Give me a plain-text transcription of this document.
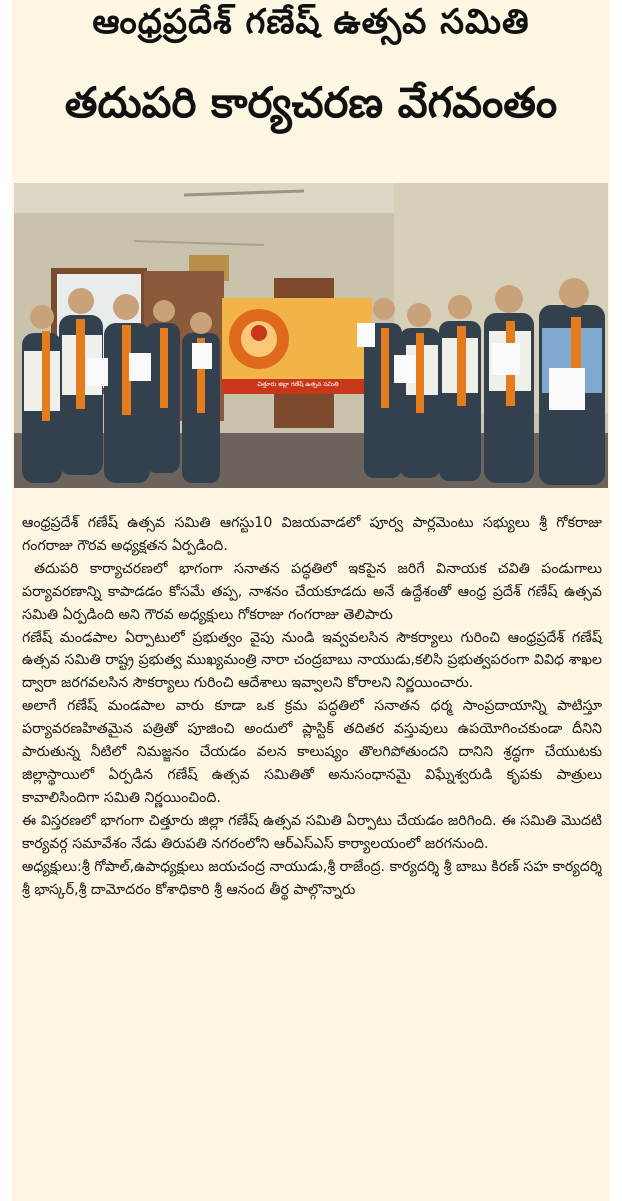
ఆంధ్రప్రదేశ్ గణేష్ ఉత్సవ సమితి
తదుపరి కార్యచరణ వేగవంతం
చిత్తూరు జిల్లా గణేష్ ఉత్సవ సమితి

ఆంధ్రప్రదేశ్ గణేష్ ఉత్సవ సమితి ఆగస్టు10 విజయవాడలో పూర్వ పార్లమెంటు సభ్యులు శ్రీ గోకరాజు గంగరాజు గౌరవ అధ్యక్షతన ఏర్పడింది.

తదుపరి కార్యాచరణలో భాగంగా సనాతన పద్ధతిలో ఇకపైన జరిగే వినాయక చవితి పండుగాలు పర్యావరణాన్ని కాపాడడం కోసమే తప్ప, నాశనం చేయకూడదు అనే ఉద్దేశంతో ఆంధ్ర ప్రదేశ్ గణేష్ ఉత్సవ సమితి ఏర్పడింది అని గౌరవ అధ్యక్షులు గోకరాజు గంగరాజు తెలిపారు

గణేష్ మండపాల ఏర్పాటులో ప్రభుత్వం వైపు నుండి ఇవ్వవలసిన సౌకర్యాలు గురించి ఆంధ్రప్రదేశ్ గణేష్ ఉత్సవ సమితి రాష్ట్ర ప్రభుత్వ ముఖ్యమంత్రి నారా చంద్రబాబు నాయుడు,కలిసి ప్రభుత్వపరంగా వివిధ శాఖల ద్వారా జరగవలసిన సౌకర్యాలు గురించి ఆదేశాలు ఇవ్వాలని కోరాలని నిర్ణయించారు.

అలాగే గణేష్ మండపాల వారు కూడా ఒక క్రమ పద్ధతిలో సనాతన ధర్మ సాంప్రదాయాన్ని పాటిస్తూ పర్యావరణహితమైన పత్రితో పూజించి అందులో ప్లాస్టిక్ తదితర వస్తువులు ఉపయోగించకుండా దీనిని పారుతున్న నీటిలో నిమజ్జనం చేయడం వలన కాలుష్యం తొలగిపోతుందని దానిని శ్రద్ధగా చేయుటకు జిల్లాస్థాయిలో ఏర్పడిన గణేష్ ఉత్సవ సమితితో అనుసంధానమై విఘ్నేశ్వరుడి కృపకు పాత్రులు కావాలిసిందిగా సమితి నిర్ణయించింది.

ఈ విస్తరణలో భాగంగా చిత్తూరు జిల్లా గణేష్ ఉత్సవ సమితి ఏర్పాటు చేయడం జరిగింది. ఈ సమితి మొదటి కార్యవర్గ సమావేశం నేడు తిరుపతి నగరంలోని ఆర్ఎస్ఎస్ కార్యాలయంలో జరగనుంది.

అధ్యక్షులు:శ్రీ గోపాల్,ఉపాధ్యక్షులు జయచంద్ర నాయుడు,శ్రీ రాజేంద్ర. కార్యదర్శి శ్రీ బాబు కిరణ్ సహ కార్యదర్శి శ్రీ భాస్కర్,శ్రీ దామోదరం కోశాధికారి శ్రీ ఆనంద తీర్థ పాల్గొన్నారు
